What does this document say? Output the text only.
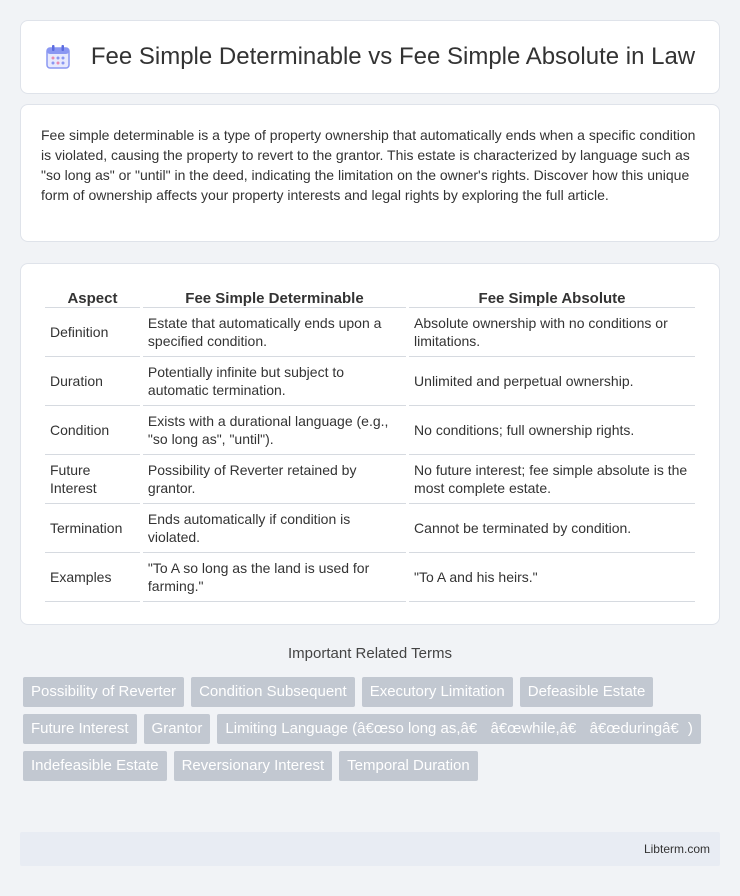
Fee Simple Determinable vs Fee Simple Absolute in Law

Fee simple determinable is a type of property ownership that automatically ends when a specific condition is violated, causing the property to revert to the grantor. This estate is characterized by language such as "so long as" or "until" in the deed, indicating the limitation on the owner's rights. Discover how this unique form of ownership affects your property interests and legal rights by exploring the full article.

Aspect	Fee Simple Determinable	Fee Simple Absolute
Definition	Estate that automatically ends upon a specified condition.	Absolute ownership with no conditions or limitations.
Duration	Potentially infinite but subject to automatic termination.	Unlimited and perpetual ownership.
Condition	Exists with a durational language (e.g., "so long as", "until").	No conditions; full ownership rights.
Future Interest	Possibility of Reverter retained by grantor.	No future interest; fee simple absolute is the most complete estate.
Termination	Ends automatically if condition is violated.	Cannot be terminated by condition.
Examples	"To A so long as the land is used for farming."	"To A and his heirs."
Important Related Terms
Possibility of Reverter	Condition Subsequent	Executory Limitation	Defeasible Estate
Future Interest	Grantor	Limiting Language (â€œso long as,â€ â€œwhile,â€ â€œduringâ€)
Indefeasible Estate	Reversionary Interest	Temporal Duration
Libterm.com
